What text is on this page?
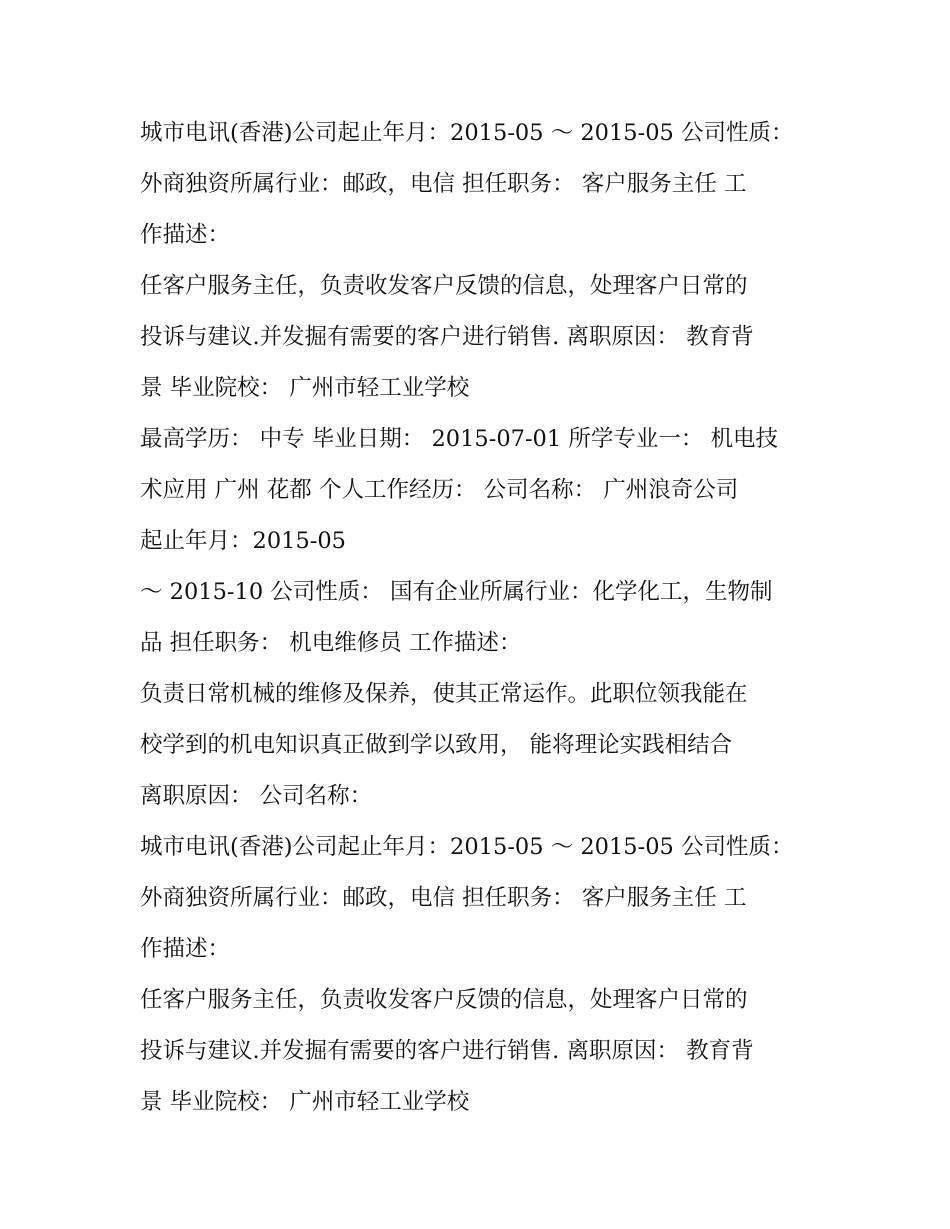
城市电讯(香港)公司起止年月：2015-05 ～ 2015-05 公司性质：
外商独资所属行业：邮政，电信 担任职务： 客户服务主任 工
作描述：
任客户服务主任，负责收发客户反馈的信息，处理客户日常的
投诉与建议.并发掘有需要的客户进行销售. 离职原因： 教育背
景 毕业院校： 广州市轻工业学校
最高学历： 中专 毕业日期： 2015-07-01 所学专业一： 机电技
术应用 广州 花都 个人工作经历： 公司名称： 广州浪奇公司
起止年月：2015-05
～ 2015-10 公司性质： 国有企业所属行业：化学化工，生物制
品 担任职务： 机电维修员 工作描述：
负责日常机械的维修及保养，使其正常运作。此职位领我能在
校学到的机电知识真正做到学以致用， 能将理论实践相结合
离职原因： 公司名称：
城市电讯(香港)公司起止年月：2015-05 ～ 2015-05 公司性质：
外商独资所属行业：邮政，电信 担任职务： 客户服务主任 工
作描述：
任客户服务主任，负责收发客户反馈的信息，处理客户日常的
投诉与建议.并发掘有需要的客户进行销售. 离职原因： 教育背
景 毕业院校： 广州市轻工业学校
